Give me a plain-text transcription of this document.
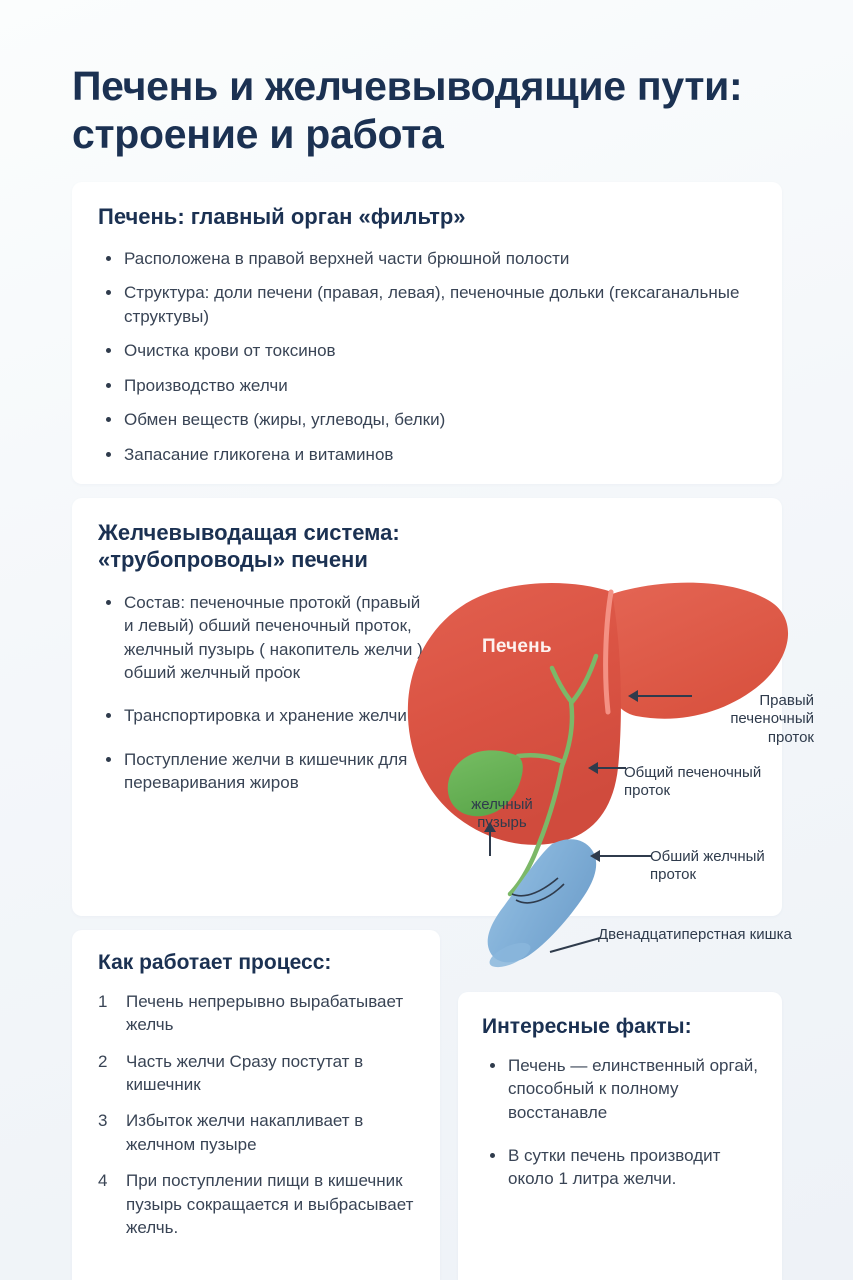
Печень и желчевыводящие пути: строение и работа
Печень: главный орган «фильтр»
Расположена в правой верхней части брюшной полости
Структура: доли печени (правая, левая), печеночные дольки (гексаганальные структувы)
Очистка крови от токсинов
Производство желчи
Обмен веществ (жиры, углеводы, белки)
Запасание гликогена и витаминов
Желчевыводащая система: «трубопроводы» печени
Состав: печеночные протокй (правый и левый) обший печеночный проток, желчный пузырь ( накопитель желчи ) обший желчный про̇ок
Транспортировка и хранение желчи
Поступление желчи в кишечник для переваривания жиров
Печень
Правый печеночный проток
Общий печеночный проток
желчный пузырь
Обший желчный проток
Двенадцатиперстная кишка
Как работает процесс:
1 Печень непрерывно вырабатывает желчь
2 Часть желчи Сразу постутат в кишечник
3 Избыток желчи накапливает в желчном пузыре
4 При поступлении пищи в кишечник пузырь сокращается и выбрасывает желчь.
Интересные факты:
Печень — елинственный оргай, способный к полному восстанавле
В сутки печень производит около 1 литра желчи.
